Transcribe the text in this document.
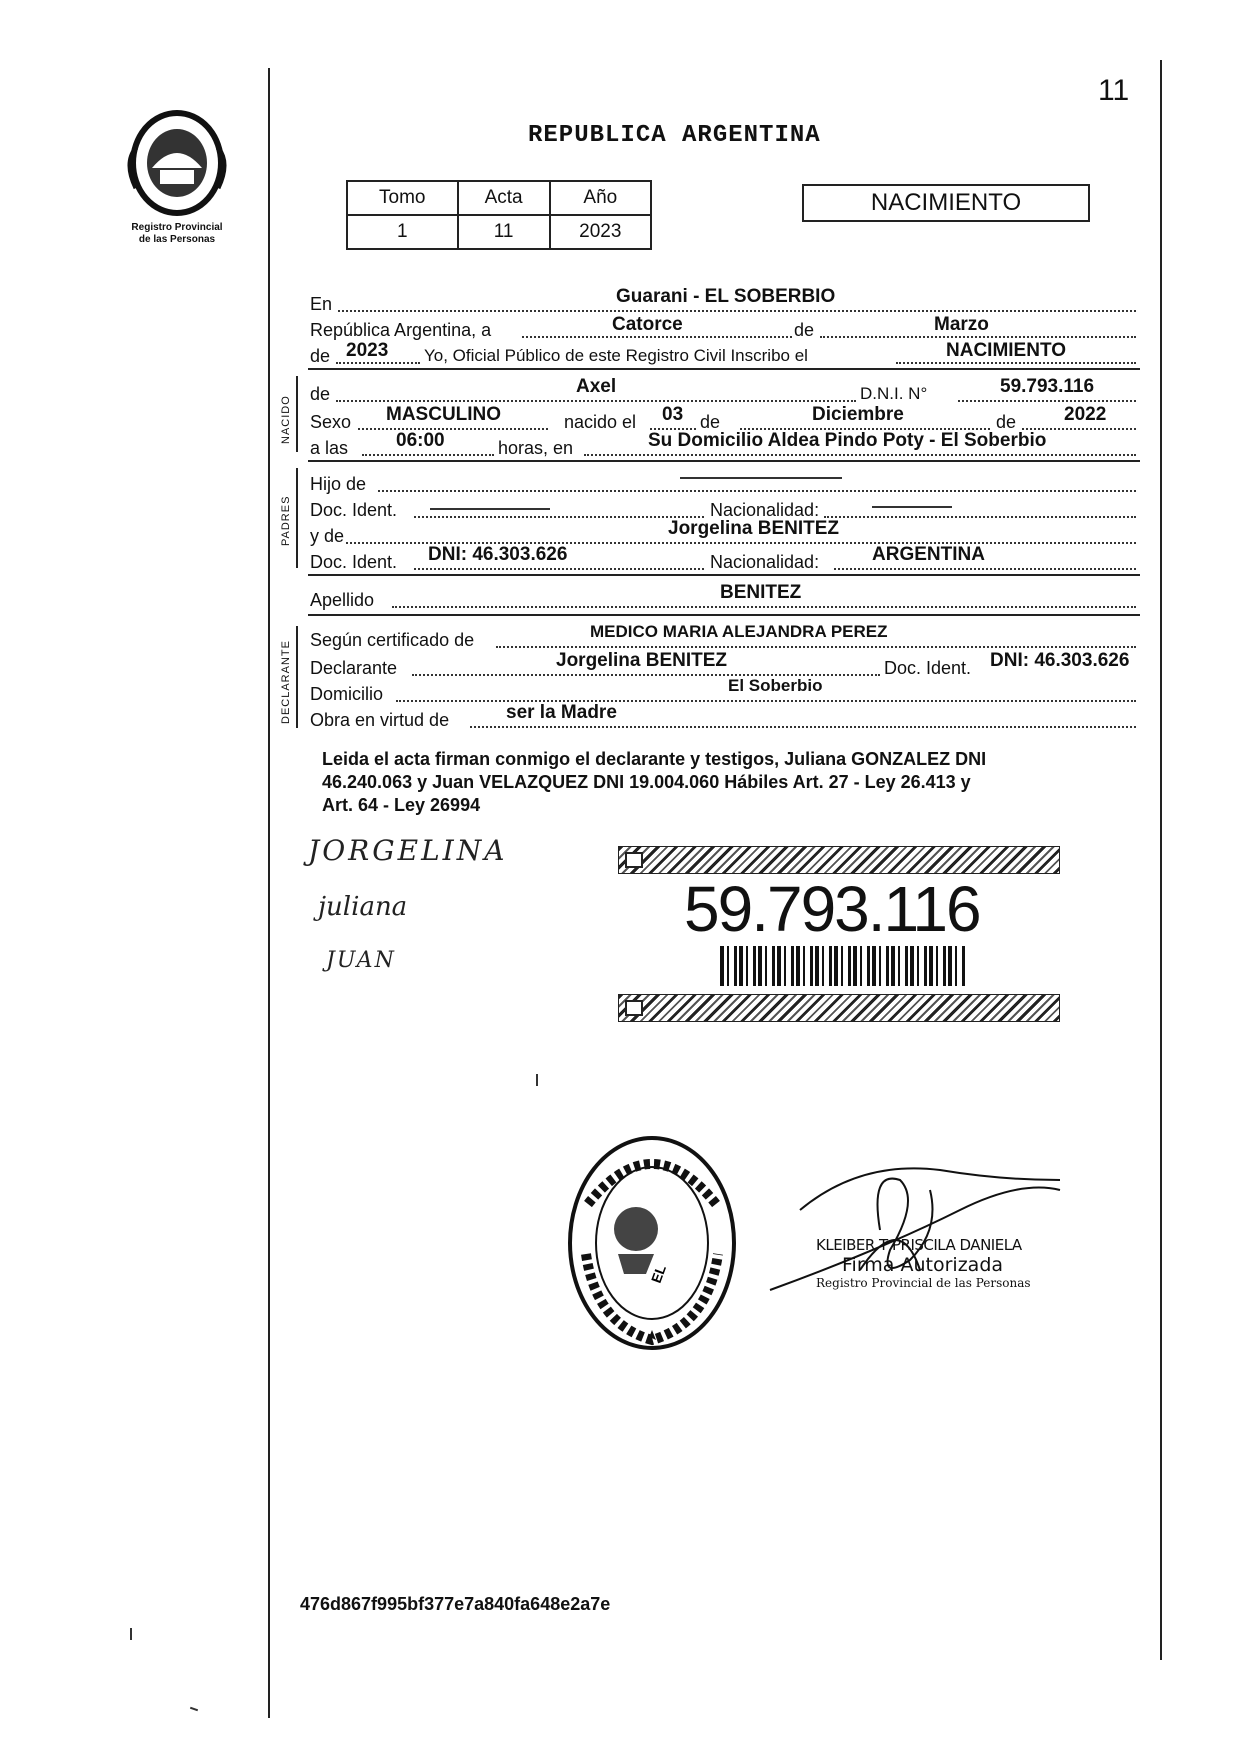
11
Registro Provincial
de las Personas
REPUBLICA ARGENTINA
Tomo	Acta	Año
1	11	2023
NACIMIENTO
En	Guarani - EL SOBERBIO
República Argentina, a	Catorce	de	Marzo
de 2023 Yo, Oficial Público de este Registro Civil Inscribo el	NACIMIENTO
NACIDO
de	Axel	D.N.I. N°	59.793.116
Sexo MASCULINO	nacido el 03 de	Diciembre	de	2022
a las	06:00	horas, en	Su Domicilio Aldea Pindo Poty - El Soberbio
PADRES
Hijo de
Doc. Ident.	Nacionalidad:
y de	Jorgelina BENITEZ
Doc. Ident. DNI: 46.303.626	Nacionalidad:	ARGENTINA
Apellido	BENITEZ
DECLARANTE
Según certificado de	MEDICO MARIA ALEJANDRA PEREZ
Declarante	Jorgelina BENITEZ	Doc. Ident. DNI: 46.303.626
Domicilio	El Soberbio
Obra en virtud de	ser la Madre
Leida el acta firman conmigo el declarante y testigos, Juliana GONZALEZ DNI
46.240.063 y Juan VELAZQUEZ DNI 19.004.060 Hábiles Art. 27 - Ley 26.413 y
Art. 64 - Ley 26994
JORGELINA
juliana
JUAN
59.793.116
EL
KLEIBER T PRISCILA DANIELA
Firma Autorizada
Registro Provincial de las Personas
476d867f995bf377e7a840fa648e2a7e
